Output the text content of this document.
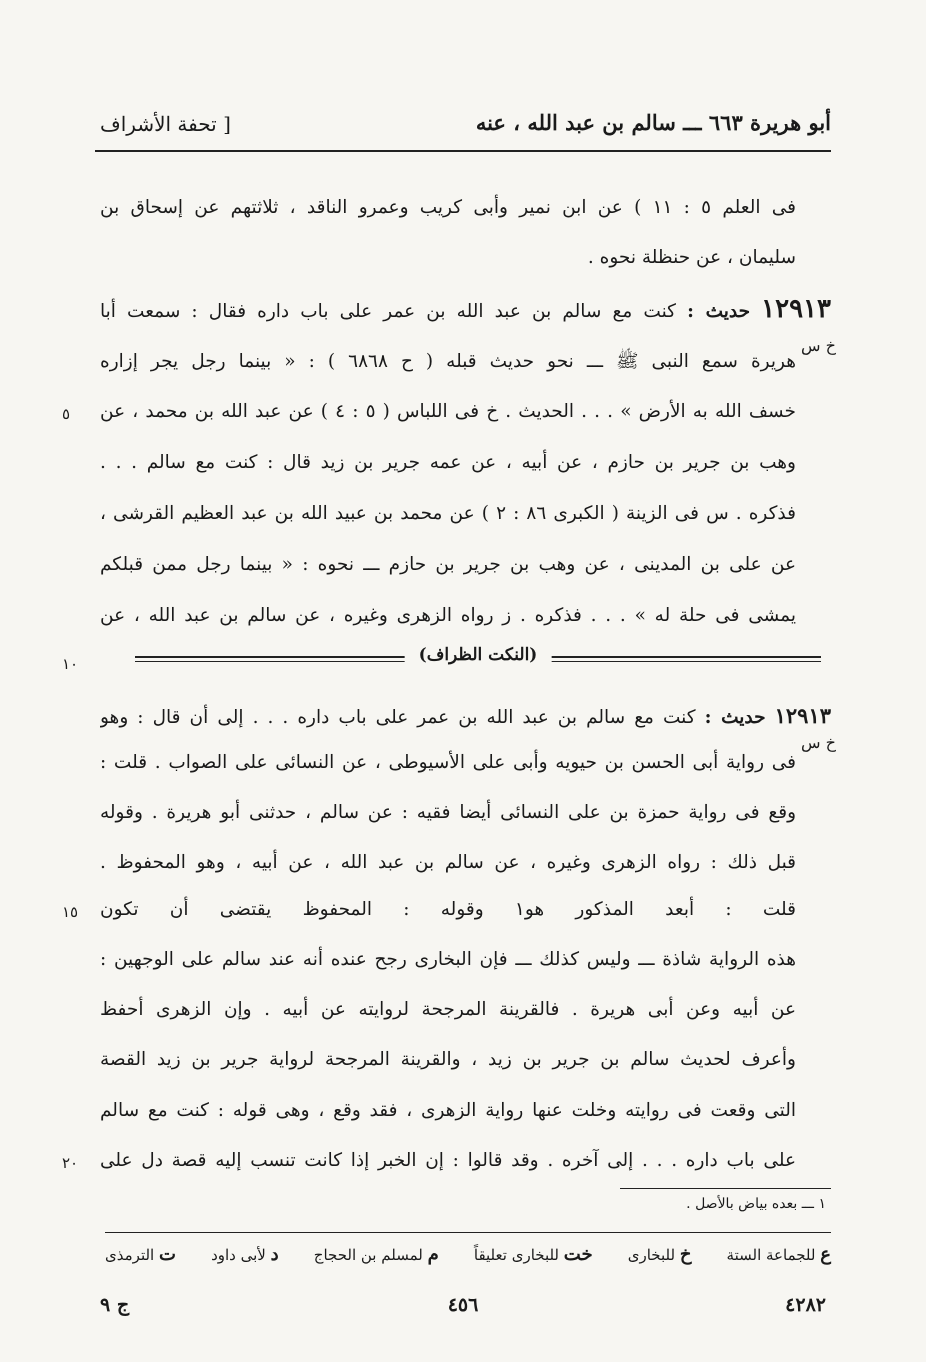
أبو هريرة ٦٦٣ ـــ سالم بن عبد الله ، عنه
[ تحفة الأشراف
فى العلم ٥ : ١١ ) عن ابن نمير وأبى كريب وعمرو الناقد ، ثلاثتهم عن إسحاق بن
سليمان ، عن حنظلة نحوه .
١٢٩١٣ حديث : كنت مع سالم بن عبد الله بن عمر على باب داره فقال : سمعت أبا
خ س
هريرة سمع النبى ﷺ ـــ نحو حديث قبله ( ح ٦٨٦٨ ) : « بينما رجل يجر إزاره
خسف الله به الأرض » . . . الحديث . خ فى اللباس ( ٥ : ٤ ) عن عبد الله بن محمد ، عن
وهب بن جرير بن حازم ، عن أبيه ، عن عمه جرير بن زيد قال : كنت مع سالم . . .
فذكره . س فى الزينة ( الكبرى ٨٦ : ٢ ) عن محمد بن عبيد الله بن عبد العظيم القرشى ،
عن على بن المدينى ، عن وهب بن جرير بن حازم ـــ نحوه : « بينما رجل ممن قبلكم
يمشى فى حلة له » . . . فذكره . ز رواه الزهرى وغيره ، عن سالم بن عبد الله ، عن
٥
١٠	(النكت الظراف)
١٢٩١٣ حديث : كنت مع سالم بن عبد الله بن عمر على باب داره . . . إلى أن قال : وهو
خ س
فى رواية أبى الحسن بن حيويه وأبى على الأسيوطى ، عن النسائى على الصواب . قلت :
وقع فى رواية حمزة بن على النسائى أيضا فقيه : عن سالم ، حدثنى أبو هريرة . وقوله
قبل ذلك : رواه الزهرى وغيره ، عن سالم بن عبد الله ، عن أبيه ، وهو المحفوظ .
قلت : أبعد المذكور هو١ وقوله : المحفوظ يقتضى أن تكون
هذه الرواية شاذة ـــ وليس كذلك ـــ فإن البخارى رجح عنده أنه عند سالم على الوجهين :
عن أبيه وعن أبى هريرة . فالقرينة المرجحة لروايته عن أبيه . وإن الزهرى أحفظ
وأعرف لحديث سالم بن جرير بن زيد ، والقرينة المرجحة لرواية جرير بن زيد القصة
التى وقعت فى روايته وخلت عنها رواية الزهرى ، فقد وقع ، وهى قوله : كنت مع سالم
على باب داره . . . إلى آخره . وقد قالوا : إن الخبر إذا كانت تنسب إليه قصة دل على
١٥
٢٠
١ ـــ بعده بياض بالأصل .
ع للجماعة الستة
خ للبخارى
خت للبخارى تعليقاً
م لمسلم بن الحجاج
د لأبى داود
ت الترمذى
٤٢٨٢
٤٥٦
ج ٩
